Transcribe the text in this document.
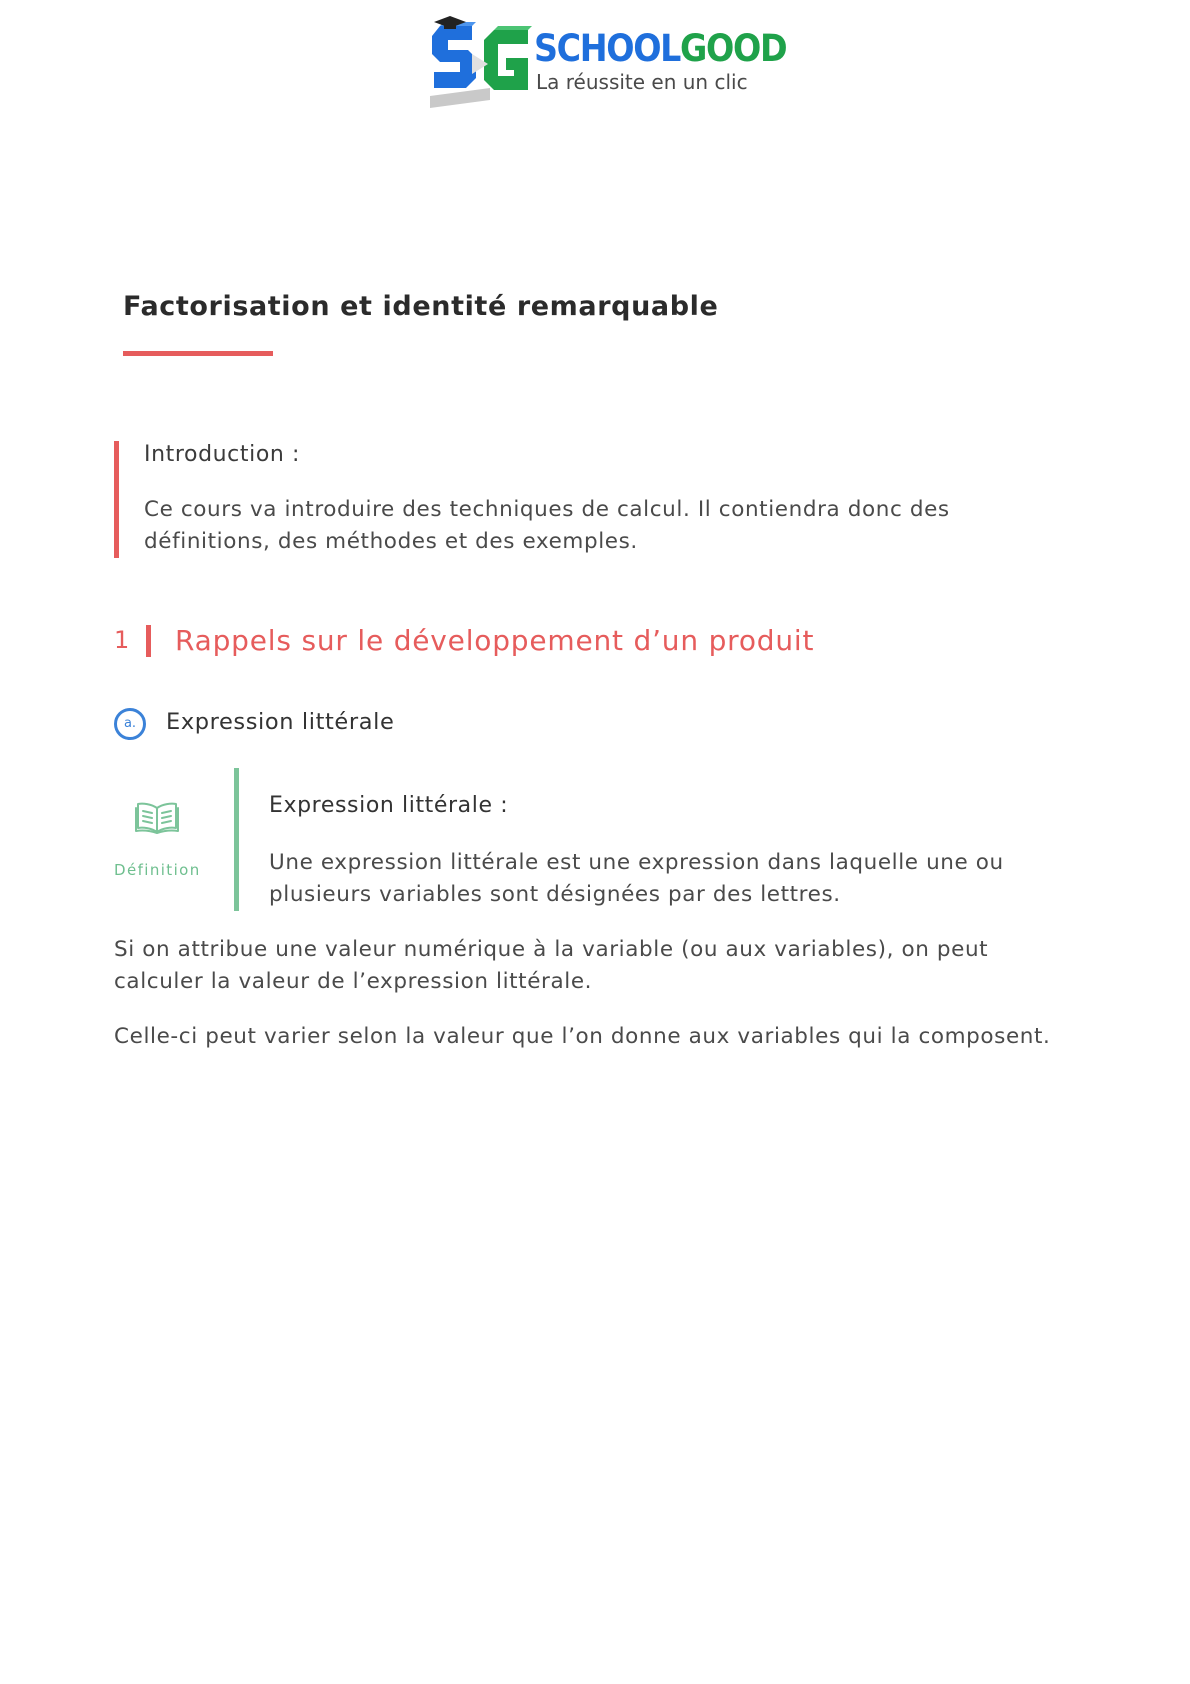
SCHOOLGOOD
La réussite en un clic
Factorisation et identité remarquable
Introduction :
Ce cours va introduire des techniques de calcul. Il contiendra donc des définitions, des méthodes et des exemples.
1 Rappels sur le développement d’un produit
a.	Expression littérale
Définition
Expression littérale :
Une expression littérale est une expression dans laquelle une ou plusieurs variables sont désignées par des lettres.
Si on attribue une valeur numérique à la variable (ou aux variables), on peut calculer la valeur de l’expression littérale.
Celle-ci peut varier selon la valeur que l’on donne aux variables qui la composent.
